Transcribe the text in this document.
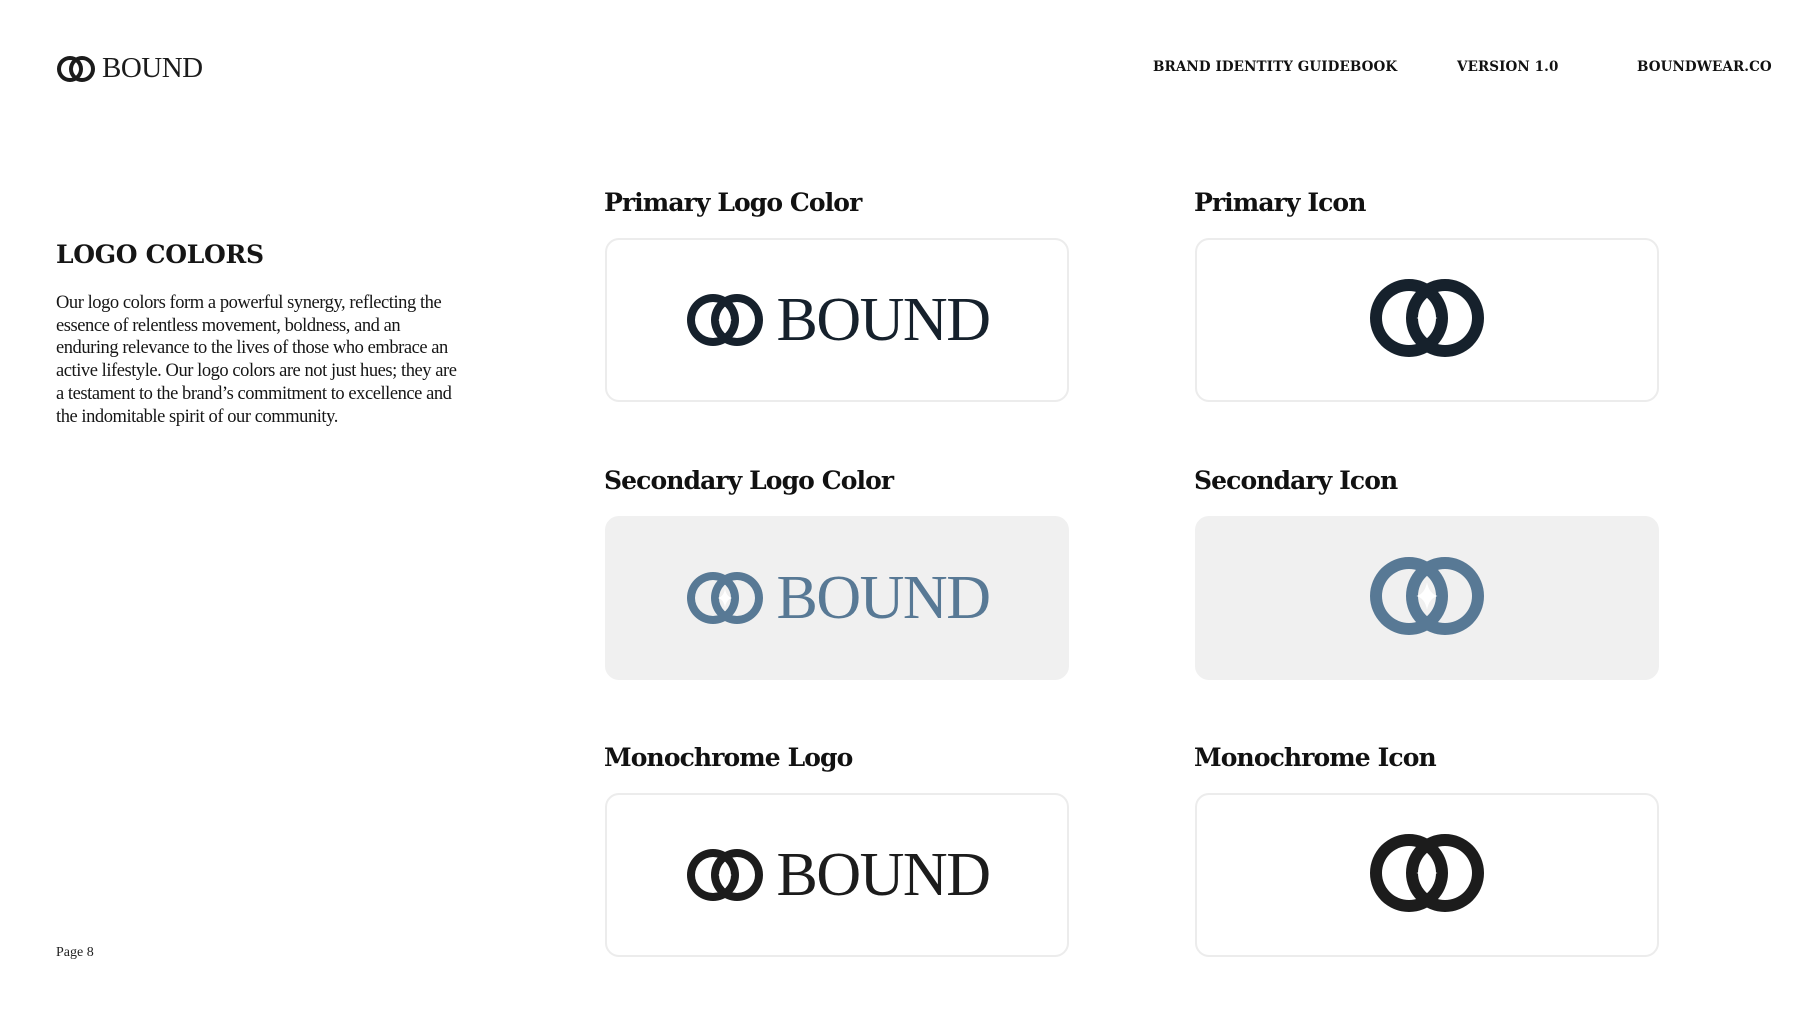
BOUND	BRAND IDENTITY GUIDEBOOK	VERSION 1.0	BOUNDWEAR.CO
LOGO COLORS

Our logo colors form a powerful synergy, reflecting the essence of relentless movement, boldness, and an enduring relevance to the lives of those who embrace an active lifestyle. Our logo colors are not just hues; they are a testament to the brand’s commitment to excellence and the indomitable spirit of our community.

Primary Logo Color
BOUND
Primary Icon
Secondary Logo Color
BOUND
Secondary Icon
Monochrome Logo
BOUND
Monochrome Icon
Page 8
